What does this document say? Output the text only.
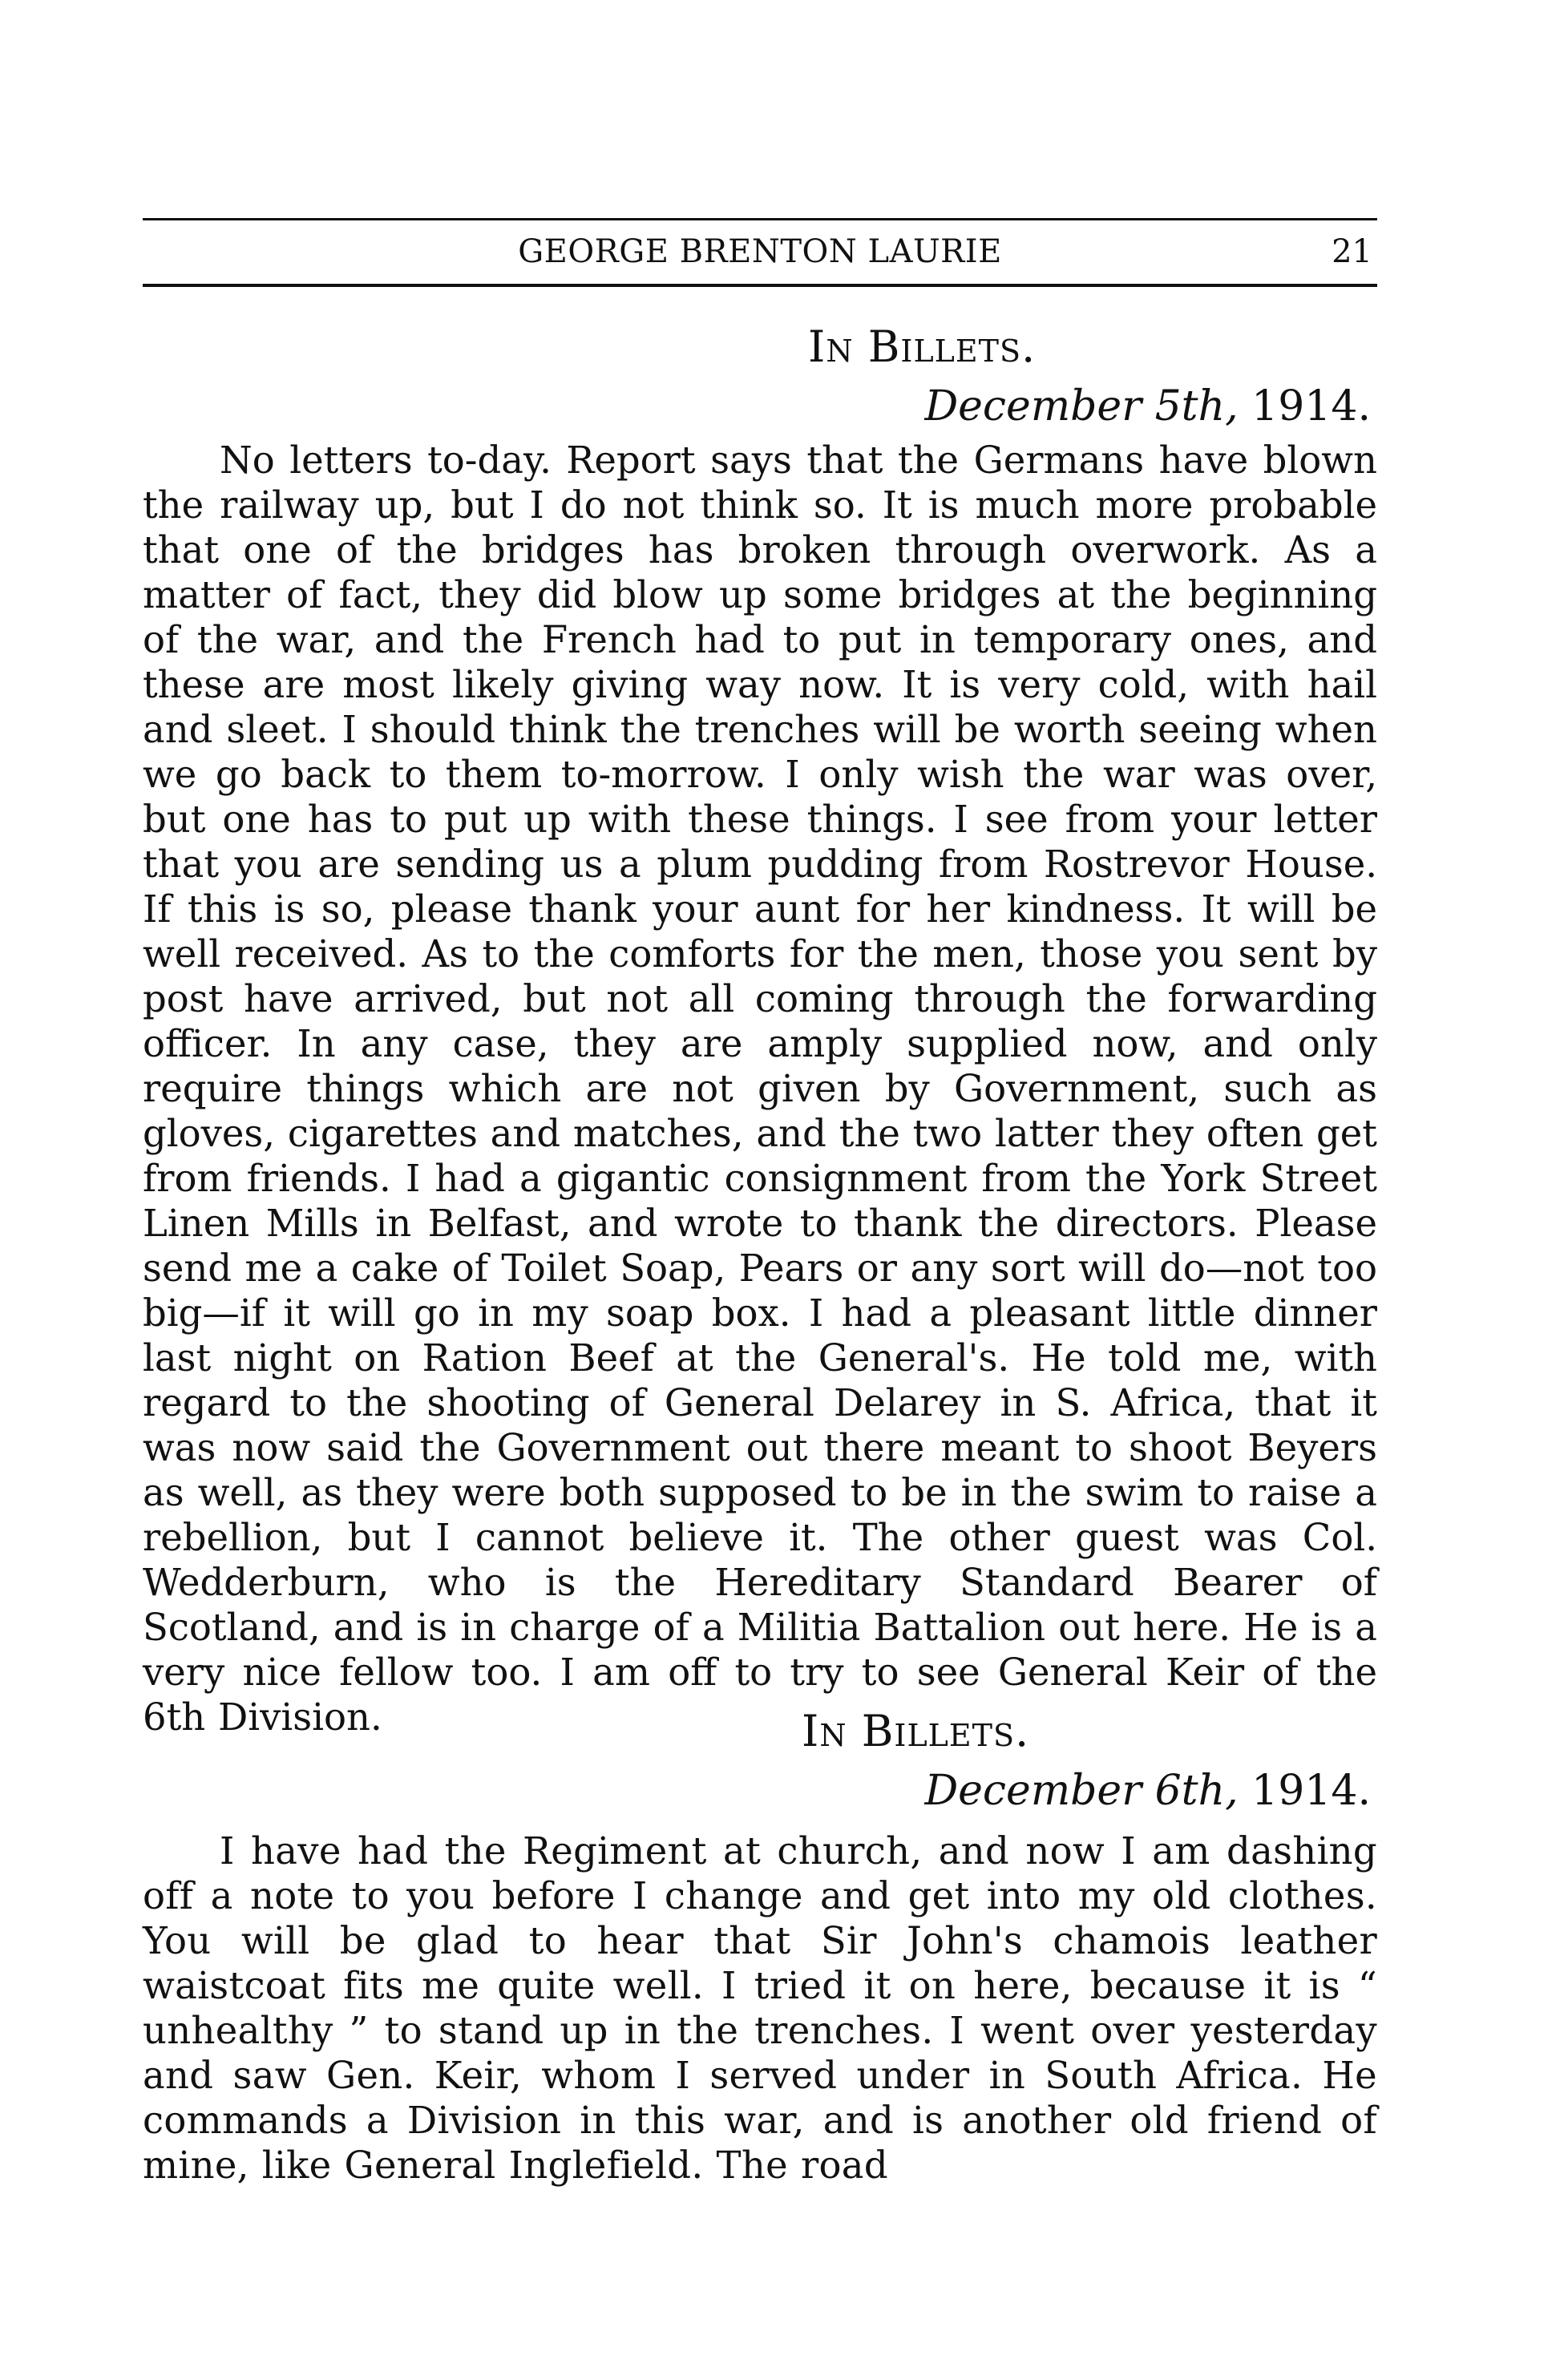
GEORGE BRENTON LAURIE	21
In Billets.
December 5th, 1914.

No letters to-day. Report says that the Germans have blown the railway up, but I do not think so. It is much more probable that one of the bridges has broken through overwork. As a matter of fact, they did blow up some bridges at the beginning of the war, and the French had to put in temporary ones, and these are most likely giving way now. It is very cold, with hail and sleet. I should think the trenches will be worth seeing when we go back to them to-morrow. I only wish the war was over, but one has to put up with these things. I see from your letter that you are sending us a plum pudding from Rostrevor House. If this is so, please thank your aunt for her kindness. It will be well received. As to the comforts for the men, those you sent by post have arrived, but not all coming through the forwarding officer. In any case, they are amply supplied now, and only require things which are not given by Government, such as gloves, cigarettes and matches, and the two latter they often get from friends. I had a gigantic consignment from the York Street Linen Mills in Belfast, and wrote to thank the directors. Please send me a cake of Toilet Soap, Pears or any sort will do—not too big—if it will go in my soap box. I had a pleasant little dinner last night on Ration Beef at the General's. He told me, with regard to the shooting of General Delarey in S. Africa, that it was now said the Government out there meant to shoot Beyers as well, as they were both supposed to be in the swim to raise a rebellion, but I cannot believe it. The other guest was Col. Wedderburn, who is the Hereditary Standard Bearer of Scotland, and is in charge of a Militia Battalion out here. He is a very nice fellow too. I am off to try to see General Keir of the 6th Division.	In Billets.
December 6th, 1914.

I have had the Regiment at church, and now I am dashing off a note to you before I change and get into my old clothes. You will be glad to hear that Sir John's chamois leather waistcoat fits me quite well. I tried it on here, because it is “ unhealthy ” to stand up in the trenches. I went over yesterday and saw Gen. Keir, whom I served under in South Africa. He commands a Division in this war, and is another old friend of mine, like General Inglefield. The road
